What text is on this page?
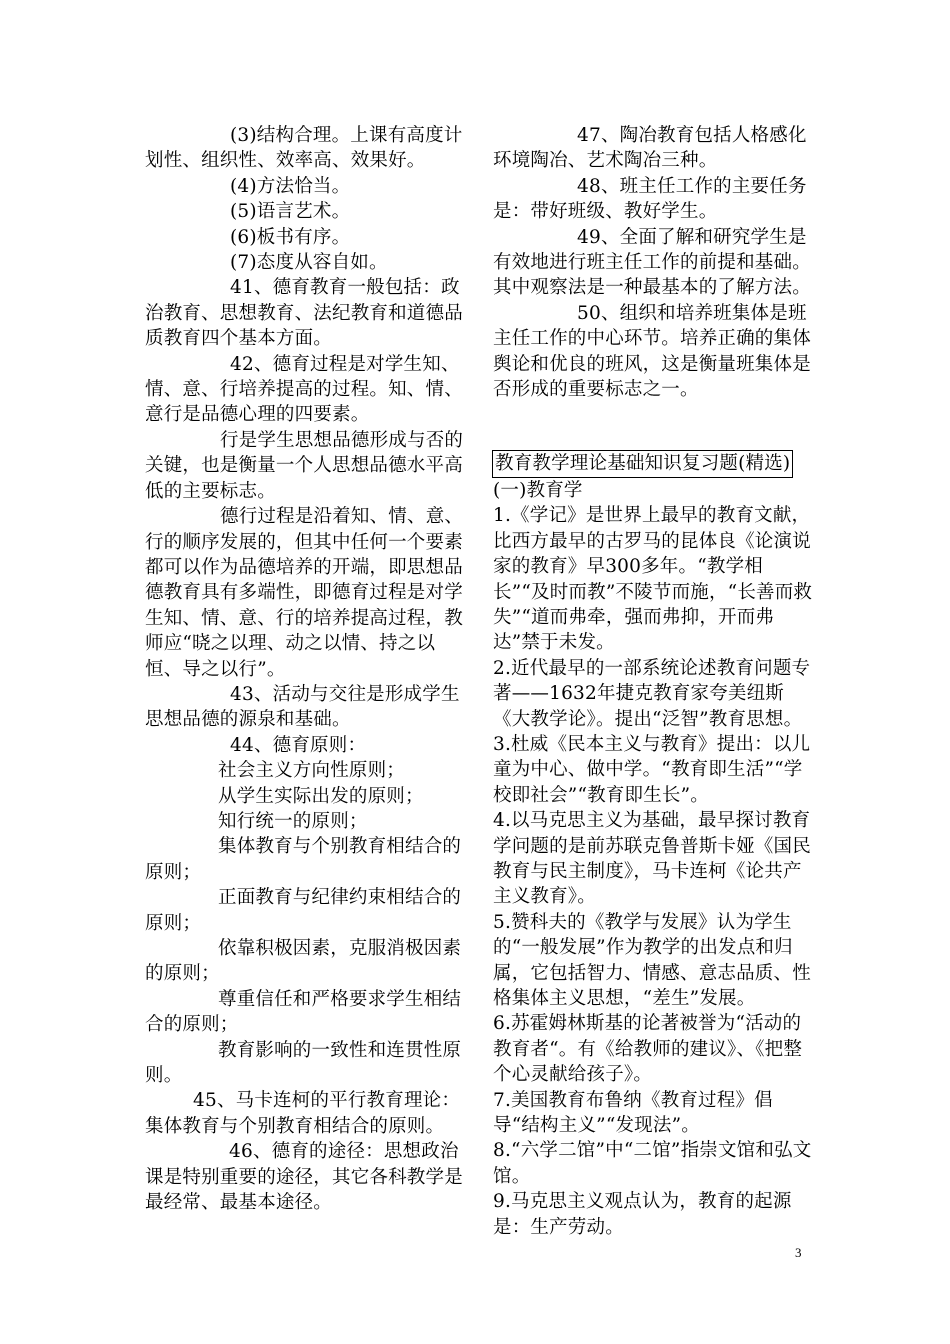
(3)结构合理。上课有高度计划性、组织性、效率高、效果好。

(4)方法恰当。

(5)语言艺术。

(6)板书有序。

(7)态度从容自如。

41、德育教育一般包括：政治教育、思想教育、法纪教育和道德品质教育四个基本方面。

42、德育过程是对学生知、情、意、行培养提高的过程。知、情、意行是品德心理的四要素。

行是学生思想品德形成与否的关键，也是衡量一个人思想品德水平高低的主要标志。

德行过程是沿着知、情、意、行的顺序发展的，但其中任何一个要素都可以作为品德培养的开端，即思想品德教育具有多端性，即德育过程是对学生知、情、意、行的培养提高过程，教师应“晓之以理、动之以情、持之以恒、导之以行”。

43、活动与交往是形成学生思想品德的源泉和基础。

44、德育原则：

社会主义方向性原则；

从学生实际出发的原则；

知行统一的原则；

集体教育与个别教育相结合的原则；

正面教育与纪律约束相结合的原则；

依靠积极因素，克服消极因素的原则；

尊重信任和严格要求学生相结合的原则；

教育影响的一致性和连贯性原则。

45、马卡连柯的平行教育理论：集体教育与个别教育相结合的原则。

46、德育的途径：思想政治课是特别重要的途径，其它各科教学是最经常、最基本途径。

47、陶冶教育包括人格感化环境陶冶、艺术陶冶三种。

48、班主任工作的主要任务是：带好班级、教好学生。

49、全面了解和研究学生是有效地进行班主任工作的前提和基础。其中观察法是一种最基本的了解方法。

50、组织和培养班集体是班主任工作的中心环节。培养正确的集体舆论和优良的班风，这是衡量班集体是否形成的重要标志之一。

教育教学理论基础知识复习题(精选)

(一)教育学

1.《学记》是世界上最早的教育文献，比西方最早的古罗马的昆体良《论演说家的教育》早300多年。“教学相长”“及时而教”不陵节而施，“长善而救失”“道而弗牵，强而弗抑，开而弗达”禁于未发。

2.近代最早的一部系统论述教育问题专著——1632年捷克教育家夸美纽斯《大教学论》。提出“泛智”教育思想。

3.杜威《民本主义与教育》提出：以儿童为中心、做中学。“教育即生活”“学校即社会”“教育即生长”。

4.以马克思主义为基础，最早探讨教育学问题的是前苏联克鲁普斯卡娅《国民教育与民主制度》，马卡连柯《论共产主义教育》。

5.赞科夫的《教学与发展》认为学生的“一般发展”作为教学的出发点和归属，它包括智力、情感、意志品质、性格集体主义思想，“差生”发展。

6.苏霍姆林斯基的论著被誉为“活动的教育者“。有《给教师的建议》、《把整个心灵献给孩子》。

7.美国教育布鲁纳《教育过程》倡导“结构主义”“发现法”。

8.“六学二馆”中“二馆”指崇文馆和弘文馆。

9.马克思主义观点认为，教育的起源是：生产劳动。

3
